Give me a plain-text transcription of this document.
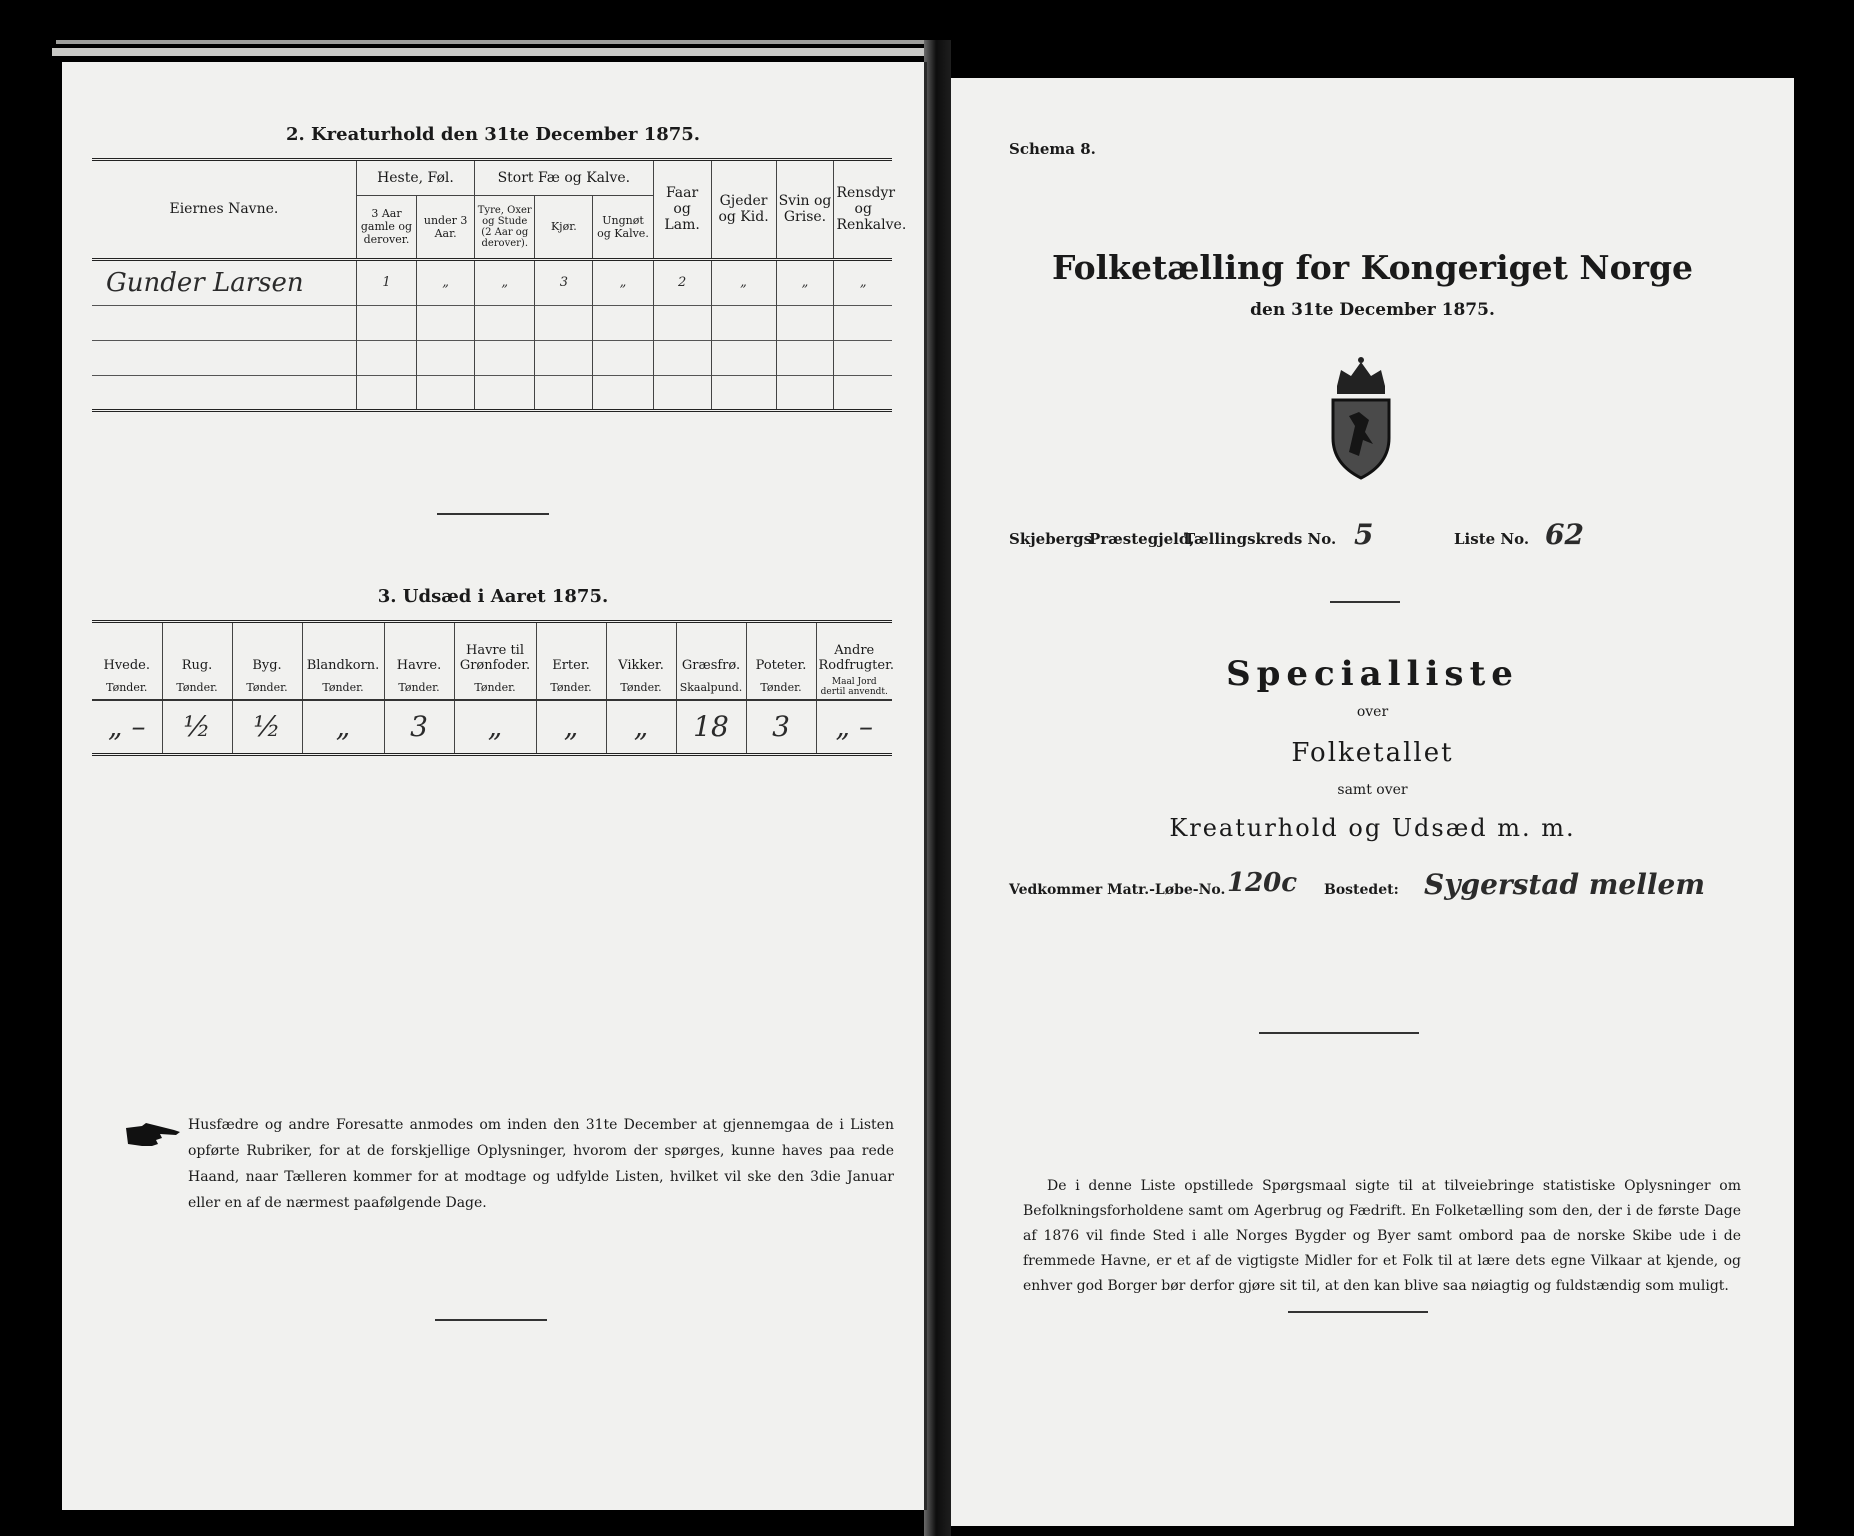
2. Kreaturhold den 31te December 1875.
Eiernes Navne.	Heste, Føl.		Stort Fæ og Kalve.			Faar og Lam.	Gjeder og Kid.	Svin og Grise.	Rensdyr og Renkalve.
	3 Aar gamle og derover.	under 3 Aar.	Tyre, Oxer og Stude (2 Aar og derover).	Kjør.	Ungnøt og Kalve.				
Gunder Larsen	1	„	„	3	„	2	„	„	„

3. Udsæd i Aaret 1875.
Hvede.	Rug.	Byg.	Blandkorn.	Havre.	Havre til Grønfoder.	Erter.	Vikker.	Græsfrø.	Poteter.	Andre Rodfrugter.
Tønder.	Tønder.	Tønder.	Tønder.	Tønder.	Tønder.	Tønder.	Tønder.	Skaalpund.	Tønder.	Maal Jord dertil anvendt.
„ –	½	½	„	3	„	„	„	18	3	„ –
Husfædre og andre Foresatte anmodes om inden den 31te December at gjennemgaa de i Listen opførte Rubriker, for at de forskjellige Oplysninger, hvorom der spørges, kunne haves paa rede Haand, naar Tælleren kommer for at modtage og udfylde Listen, hvilket vil ske den 3die Januar eller en af de nærmest paafølgende Dage.
Schema 8.
Folketælling for Kongeriget Norge
den 31te December 1875.
Skjebergs
Præstegjeld,
Tællingskreds No. 5	Liste No. 62
Specialliste
over
Folketallet
samt over
Kreaturhold og Udsæd m. m.
Vedkommer Matr.-Løbe-No. 120c Bostedet: Sygerstad mellem
De i denne Liste opstillede Spørgsmaal sigte til at tilveiebringe statistiske Oplysninger om Befolkningsforholdene samt om Agerbrug og Fædrift. En Folketælling som den, der i de første Dage af 1876 vil finde Sted i alle Norges Bygder og Byer samt ombord paa de norske Skibe ude i de fremmede Havne, er et af de vigtigste Midler for et Folk til at lære dets egne Vilkaar at kjende, og enhver god Borger bør derfor gjøre sit til, at den kan blive saa nøiagtig og fuldstændig som muligt.
